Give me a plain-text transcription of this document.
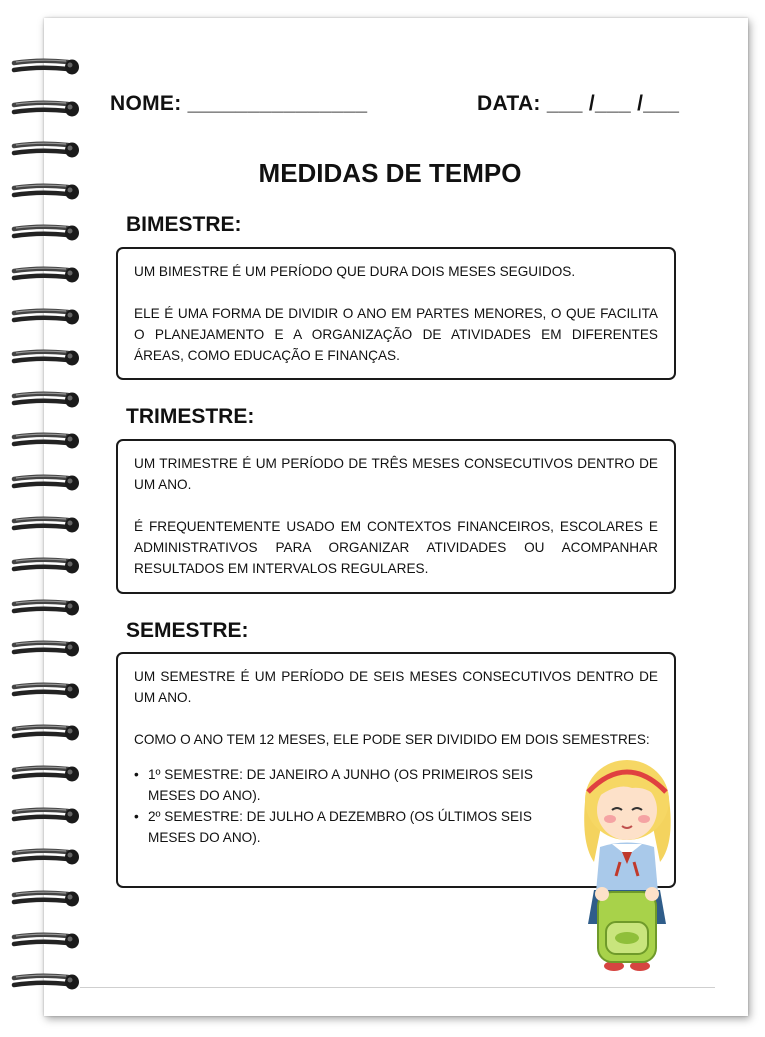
NOME: _______________	DATA: ___ /___ /___
MEDIDAS DE TEMPO
BIMESTRE:

UM BIMESTRE É UM PERÍODO QUE DURA DOIS MESES SEGUIDOS.

ELE É UMA FORMA DE DIVIDIR O ANO EM PARTES MENORES, O QUE FACILITA O PLANEJAMENTO E A ORGANIZAÇÃO DE ATIVIDADES EM DIFERENTES ÁREAS, COMO EDUCAÇÃO E FINANÇAS.

TRIMESTRE:

UM TRIMESTRE É UM PERÍODO DE TRÊS MESES CONSECUTIVOS DENTRO DE UM ANO.

É FREQUENTEMENTE USADO EM CONTEXTOS FINANCEIROS, ESCOLARES E ADMINISTRATIVOS PARA ORGANIZAR ATIVIDADES OU ACOMPANHAR RESULTADOS EM INTERVALOS REGULARES.

SEMESTRE:

UM SEMESTRE É UM PERÍODO DE SEIS MESES CONSECUTIVOS DENTRO DE UM ANO.

COMO O ANO TEM 12 MESES, ELE PODE SER DIVIDIDO EM DOIS SEMESTRES:

• 1º SEMESTRE: DE JANEIRO A JUNHO (OS PRIMEIROS SEIS MESES DO ANO).
• 2º SEMESTRE: DE JULHO A DEZEMBRO (OS ÚLTIMOS SEIS MESES DO ANO).
